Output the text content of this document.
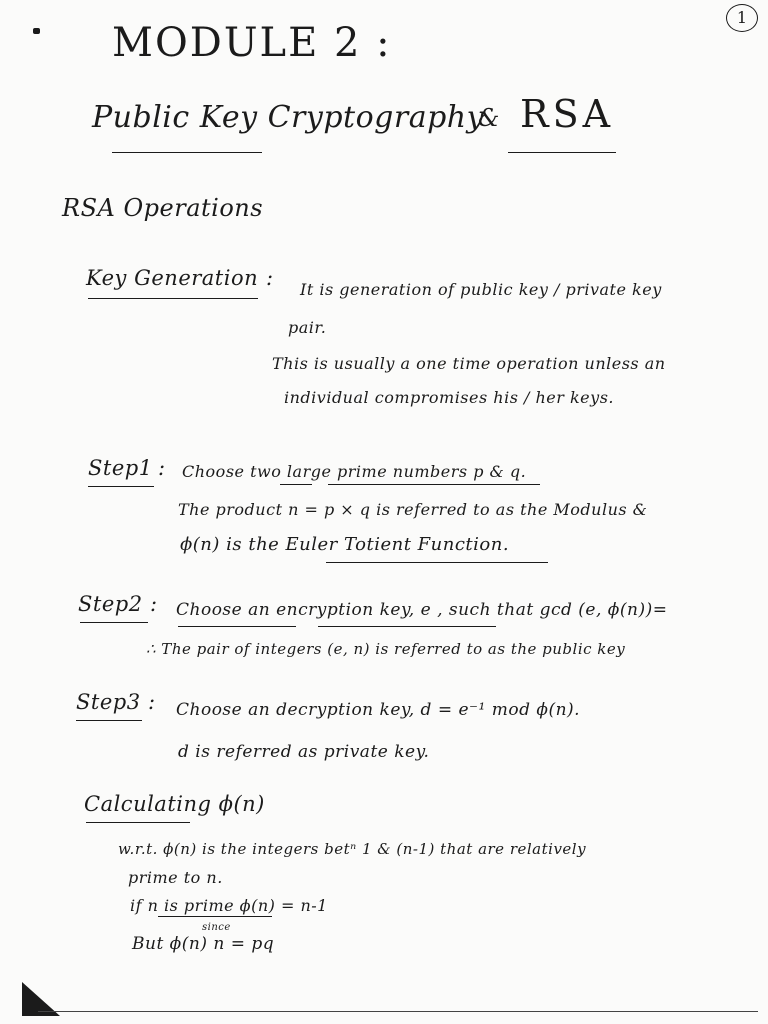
1
MODULE 2 :
Public Key Cryptography
& RSA
RSA Operations
Key Generation : It is generation of public key / private key
pair.
This is usually a one time operation unless an
individual compromises his / her keys.
Step1 : Choose two large prime numbers p & q.
The product n = p × q is referred to as the Modulus &
ϕ(n) is the Euler Totient Function.
Step2 : Choose an encryption key, e , such that gcd (e, ϕ(n))=
∴ The pair of integers (e, n) is referred to as the public key
Step3 : Choose an decryption key, d = e⁻¹ mod ϕ(n).
d is referred as private key.
Calculating ϕ(n)
w.r.t. ϕ(n) is the integers betⁿ 1 & (n-1) that are relatively
prime to n.
if n is prime ϕ(n) = n-1
since
But ϕ(n) n = pq
